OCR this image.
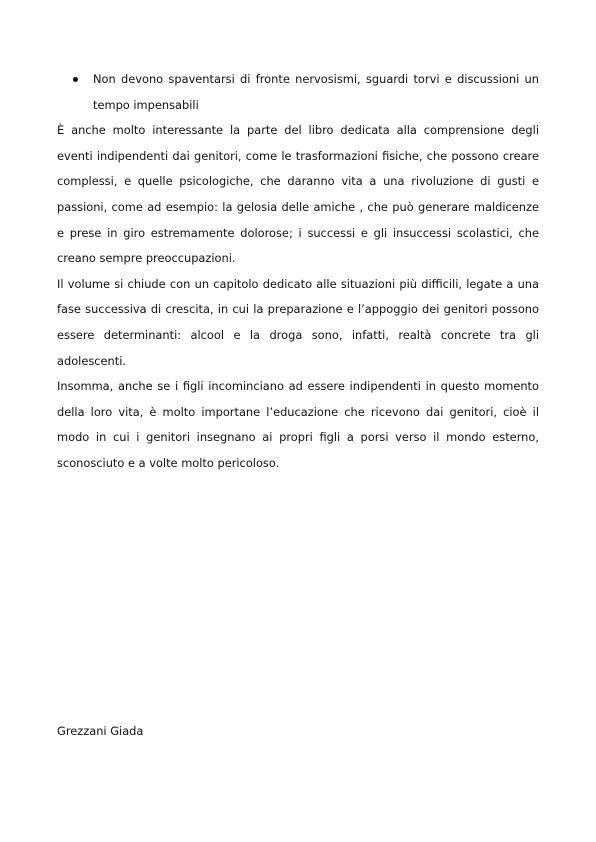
Non devono spaventarsi di fronte nervosismi, sguardi torvi e discussioni un tempo impensabili

È anche molto interessante la parte del libro dedicata alla comprensione degli eventi indipendenti dai genitori, come le trasformazioni fisiche, che possono creare complessi, e quelle psicologiche, che daranno vita a una rivoluzione di gusti e passioni, come ad esempio: la gelosia delle amiche , che può generare maldicenze e prese in giro estremamente dolorose; i successi e gli insuccessi scolastici, che creano sempre preoccupazioni.

Il volume si chiude con un capitolo dedicato alle situazioni più difficili, legate a una fase successiva di crescita, in cui la preparazione e l’appoggio dei genitori possono essere determinanti: alcool e la droga sono, infatti, realtà concrete tra gli adolescenti.

Insomma, anche se i figli incominciano ad essere indipendenti in questo momento della loro vita, è molto importane l’educazione che ricevono dai genitori, cioè il modo in cui i genitori insegnano ai propri figli a porsi verso il mondo esterno, sconosciuto e a volte molto pericoloso.

Grezzani Giada
